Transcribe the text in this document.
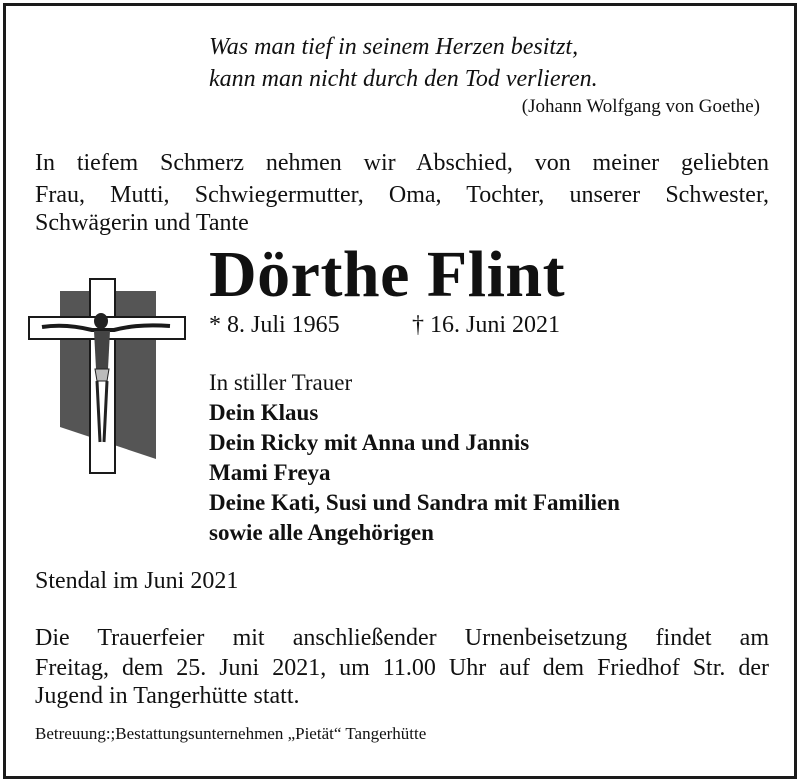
Was man tief in seinem Herzen besitzt,
kann man nicht durch den Tod verlieren.
(Johann Wolfgang von Goethe)
In tiefem Schmerz nehmen wir Abschied, von meiner geliebten
Frau, Mutti, Schwiegermutter, Oma, Tochter, unserer Schwester,
Schwägerin und Tante
Dörthe Flint
* 8. Juli 1965	† 16. Juni 2021
In stiller Trauer
Dein Klaus
Dein Ricky mit Anna und Jannis
Mami Freya
Deine Kati, Susi und Sandra mit Familien
sowie alle Angehörigen
Stendal im Juni 2021
Die Trauerfeier mit anschließender Urnenbeisetzung findet am
Freitag, dem 25. Juni 2021, um 11.00 Uhr auf dem Friedhof Str. der
Jugend in Tangerhütte statt.
Betreuung:;Bestattungsunternehmen „Pietät“ Tangerhütte
